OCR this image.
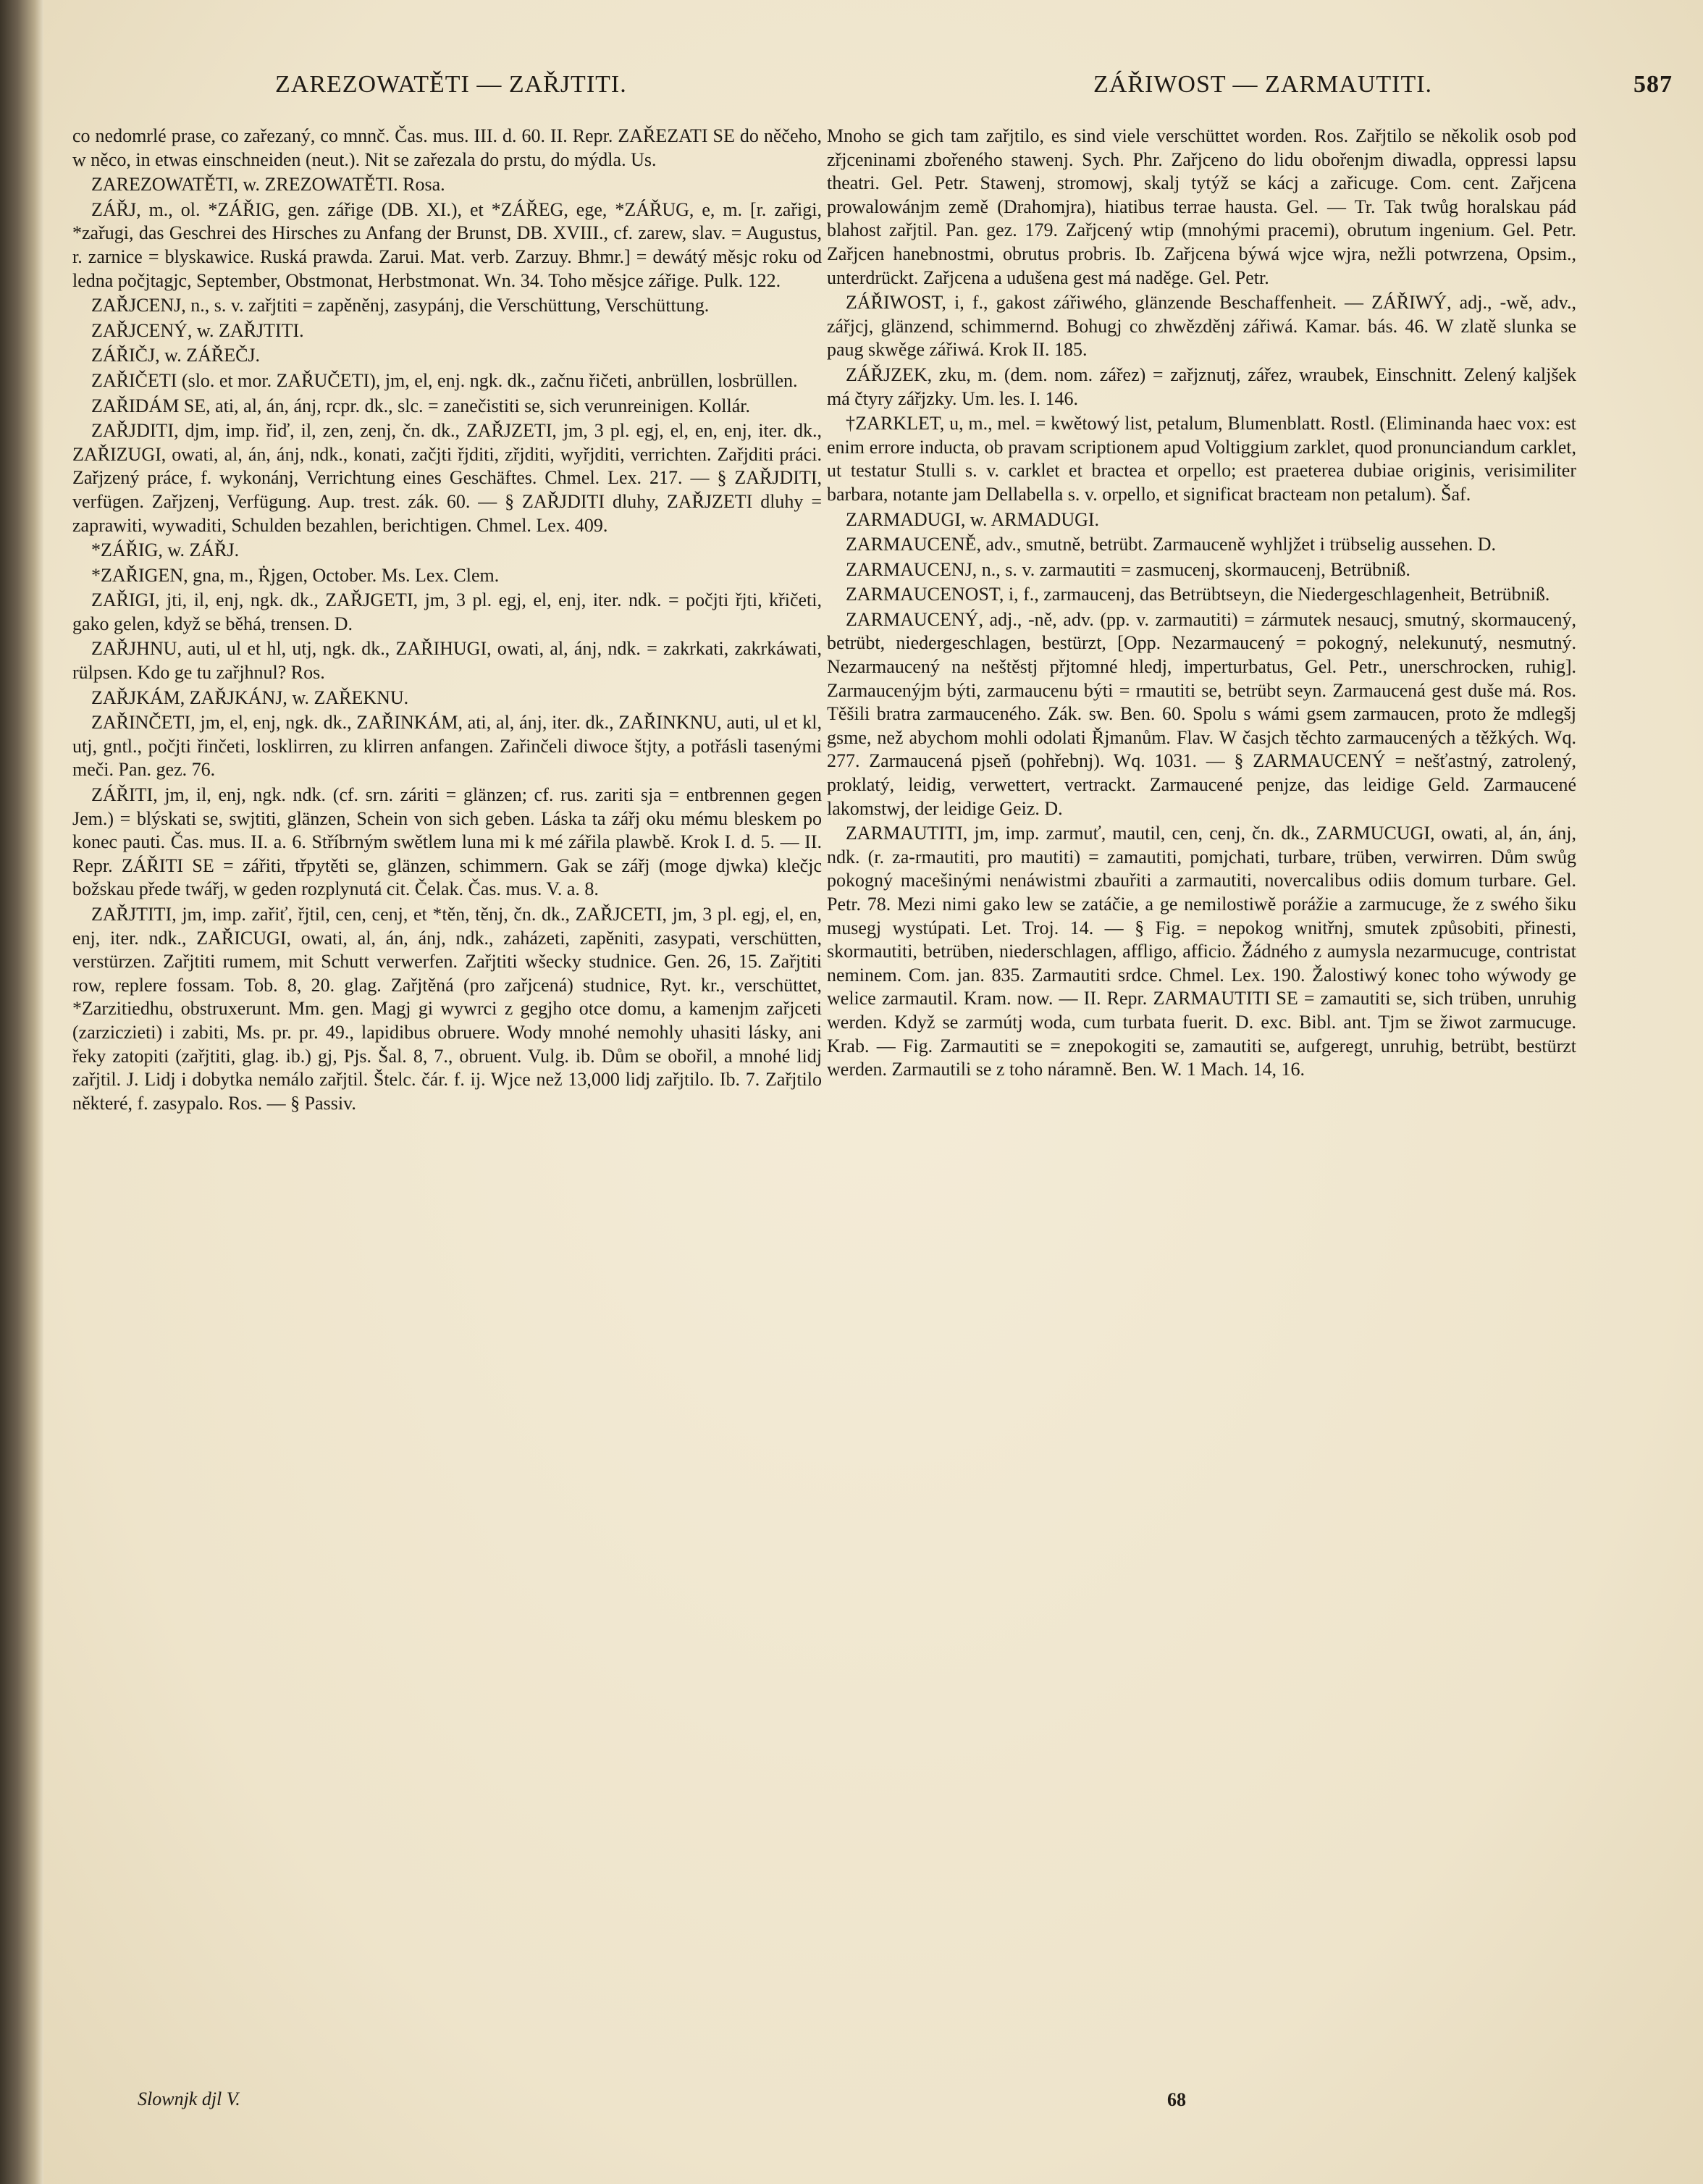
ZAREZOWATĚTI — ZAŘJTITI.	ZÁŘIWOST — ZARMAUTITI.	587

co nedomrlé prase, co zařezaný, co mnnč. Čas. mus. III. d. 60. II. Repr. ZAŘEZATI SE do něčeho, w něco, in etwas einschneiden (neut.). Nit se zařezala do prstu, do mýdla. Us.

ZAREZOWATĚTI, w. ZREZOWATĚTI. Rosa.

ZÁŘJ, m., ol. *ZÁŘIG, gen. zářige (DB. XI.), et *ZÁŘEG, ege, *ZÁŘUG, e, m. [r. zařigi, *zařugi, das Geschrei des Hirsches zu Anfang der Brunst, DB. XVIII., cf. zarew, slav. = Augustus, r. zarnice = blyskawice. Ruská prawda. Zarui. Mat. verb. Zarzuy. Bhmr.] = dewátý měsjc roku od ledna počjtagjc, September, Obstmonat, Herbstmonat. Wn. 34. Toho měsjce zářige. Pulk. 122.

ZAŘJCENJ, n., s. v. zařjtiti = zapěněnj, zasypánj, die Verschüttung, Verschüttung.

ZAŘJCENÝ, w. ZAŘJTITI.

ZÁŘIČJ, w. ZÁŘEČJ.

ZAŘIČETI (slo. et mor. ZAŘUČETI), jm, el, enj. ngk. dk., začnu řičeti, anbrüllen, losbrüllen.

ZAŘIDÁM SE, ati, al, án, ánj, rcpr. dk., slc. = zanečistiti se, sich verunreinigen. Kollár.

ZAŘJDITI, djm, imp. řiď, il, zen, zenj, čn. dk., ZAŘJZETI, jm, 3 pl. egj, el, en, enj, iter. dk., ZAŘIZUGI, owati, al, án, ánj, ndk., konati, začjti řjditi, zřjditi, wyřjditi, verrichten. Zařjditi práci. Zařjzený práce, f. wykonánj, Verrichtung eines Geschäftes. Chmel. Lex. 217. — § ZAŘJDITI, verfügen. Zařjzenj, Verfügung. Aup. trest. zák. 60. — § ZAŘJDITI dluhy, ZAŘJZETI dluhy = zaprawiti, wywaditi, Schulden bezahlen, berichtigen. Chmel. Lex. 409.

*ZÁŘIG, w. ZÁŘJ.

*ZAŘIGEN, gna, m., Ṙjgen, October. Ms. Lex. Clem.

ZAŘIGI, jti, il, enj, ngk. dk., ZAŘJGETI, jm, 3 pl. egj, el, enj, iter. ndk. = počjti řjti, křičeti, gako gelen, když se běhá, trensen. D.

ZAŘJHNU, auti, ul et hl, utj, ngk. dk., ZAŘIHUGI, owati, al, ánj, ndk. = zakrkati, zakrkáwati, rülpsen. Kdo ge tu zařjhnul? Ros.

ZAŘJKÁM, ZAŘJKÁNJ, w. ZAŘEKNU.

ZAŘINČETI, jm, el, enj, ngk. dk., ZAŘINKÁM, ati, al, ánj, iter. dk., ZAŘINKNU, auti, ul et kl, utj, gntl., počjti řinčeti, losklirren, zu klirren anfangen. Zařinčeli diwoce štjty, a potřásli tasenými meči. Pan. gez. 76.

ZÁŘITI, jm, il, enj, ngk. ndk. (cf. srn. záriti = glänzen; cf. rus. zariti sja = entbrennen gegen Jem.) = blýskati se, swjtiti, glänzen, Schein von sich geben. Láska ta zářj oku mému bleskem po konec pauti. Čas. mus. II. a. 6. Stříbrným swětlem luna mi k mé zářila plawbě. Krok I. d. 5. — II. Repr. ZÁŘITI SE = zářiti, třpytěti se, glänzen, schimmern. Gak se zářj (moge djwka) klečjc božskau přede twářj, w geden rozplynutá cit. Čelak. Čas. mus. V. a. 8.

ZAŘJTITI, jm, imp. zařiť, řjtil, cen, cenj, et *těn, těnj, čn. dk., ZAŘJCETI, jm, 3 pl. egj, el, en, enj, iter. ndk., ZAŘICUGI, owati, al, án, ánj, ndk., zaházeti, zapěniti, zasypati, verschütten, verstürzen. Zařjtiti rumem, mit Schutt verwerfen. Zařjtiti wšecky studnice. Gen. 26, 15. Zařjtiti row, replere fossam. Tob. 8, 20. glag. Zařjtěná (pro zařjcená) studnice, Ryt. kr., verschüttet, *Zarzitiedhu, obstruxerunt. Mm. gen. Magj gi wywrci z gegjho otce domu, a kamenjm zařjceti (zarziczieti) i zabiti, Ms. pr. pr. 49., lapidibus obruere. Wody mnohé nemohly uhasiti lásky, ani řeky zatopiti (zařjtiti, glag. ib.) gj, Pjs. Šal. 8, 7., obruent. Vulg. ib. Dům se obořil, a mnohé lidj zařjtil. J. Lidj i dobytka nemálo zařjtil. Štelc. čár. f. ij. Wjce než 13,000 lidj zařjtilo. Ib. 7. Zařjtilo některé, f. zasypalo. Ros. — § Passiv.

Mnoho se gich tam zařjtilo, es sind viele verschüttet worden. Ros. Zařjtilo se několik osob pod zřjceninami zbořeného stawenj. Sych. Phr. Zařjceno do lidu obořenjm diwadla, oppressi lapsu theatri. Gel. Petr. Stawenj, stromowj, skalj tytýž se kácj a zařicuge. Com. cent. Zařjcena prowalowánjm země (Drahomjra), hiatibus terrae hausta. Gel. — Tr. Tak twůg horalskau pád blahost zařjtil. Pan. gez. 179. Zařjcený wtip (mnohými pracemi), obrutum ingenium. Gel. Petr. Zařjcen hanebnostmi, obrutus probris. Ib. Zařjcena býwá wjce wjra, nežli potwrzena, Opsim., unterdrückt. Zařjcena a udušena gest má naděge. Gel. Petr.

ZÁŘIWOST, i, f., gakost zářiwého, glänzende Beschaffenheit. — ZÁŘIWÝ, adj., -wě, adv., zářjcj, glänzend, schimmernd. Bohugj co zhwězděnj zářiwá. Kamar. bás. 46. W zlatě slunka se paug skwěge zářiwá. Krok II. 185.

ZÁŘJZEK, zku, m. (dem. nom. zářez) = zařjznutj, zářez, wraubek, Einschnitt. Zelený kaljšek má čtyry zářjzky. Um. les. I. 146.

†ZARKLET, u, m., mel. = kwětowý list, petalum, Blumenblatt. Rostl. (Eliminanda haec vox: est enim errore inducta, ob pravam scriptionem apud Voltiggium zarklet, quod pronunciandum carklet, ut testatur Stulli s. v. carklet et bractea et orpello; est praeterea dubiae originis, verisimiliter barbara, notante jam Dellabella s. v. orpello, et significat bracteam non petalum). Šaf.

ZARMADUGI, w. ARMADUGI.

ZARMAUCENĚ, adv., smutně, betrübt. Zarmauceně wyhljžet i trübselig aussehen. D.

ZARMAUCENJ, n., s. v. zarmautiti = zasmucenj, skormaucenj, Betrübniß.

ZARMAUCENOST, i, f., zarmaucenj, das Betrübtseyn, die Niedergeschlagenheit, Betrübniß.

ZARMAUCENÝ, adj., -ně, adv. (pp. v. zarmautiti) = zármutek nesaucj, smutný, skormaucený, betrübt, niedergeschlagen, bestürzt, [Opp. Nezarmaucený = pokogný, nelekunutý, nesmutný. Nezarmaucený na neštěstj přjtomné hledj, imperturbatus, Gel. Petr., unerschrocken, ruhig]. Zarmaucenýjm býti, zarmaucenu býti = rmautiti se, betrübt seyn. Zarmaucená gest duše má. Ros. Těšili bratra zarmauceného. Zák. sw. Ben. 60. Spolu s wámi gsem zarmaucen, proto že mdlegšj gsme, než abychom mohli odolati Řjmanům. Flav. W časjch těchto zarmaucených a těžkých. Wq. 277. Zarmaucená pjseň (pohřebnj). Wq. 1031. — § ZARMAUCENÝ = nešťastný, zatrolený, proklatý, leidig, verwettert, vertrackt. Zarmaucené penjze, das leidige Geld. Zarmaucené lakomstwj, der leidige Geiz. D.

ZARMAUTITI, jm, imp. zarmuť, mautil, cen, cenj, čn. dk., ZARMUCUGI, owati, al, án, ánj, ndk. (r. za-rmautiti, pro mautiti) = zamautiti, pomjchati, turbare, trüben, verwirren. Dům swůg pokogný macešinými nenáwistmi zbauřiti a zarmautiti, novercalibus odiis domum turbare. Gel. Petr. 78. Mezi nimi gako lew se zatáčie, a ge nemilostiwě porážie a zarmucuge, že z swého šiku musegj wystúpati. Let. Troj. 14. — § Fig. = nepokog wnitřnj, smutek způsobiti, přinesti, skormautiti, betrüben, niederschlagen, affligo, afficio. Žádného z aumysla nezarmucuge, contristat neminem. Com. jan. 835. Zarmautiti srdce. Chmel. Lex. 190. Žalostiwý konec toho wýwody ge welice zarmautil. Kram. now. — II. Repr. ZARMAUTITI SE = zamautiti se, sich trüben, unruhig werden. Když se zarmútj woda, cum turbata fuerit. D. exc. Bibl. ant. Tjm se žiwot zarmucuge. Krab. — Fig. Zarmautiti se = znepokogiti se, zamautiti se, aufgeregt, unruhig, betrübt, bestürzt werden. Zarmautili se z toho náramně. Ben. W. 1 Mach. 14, 16.

Slownjk djl V.	68
